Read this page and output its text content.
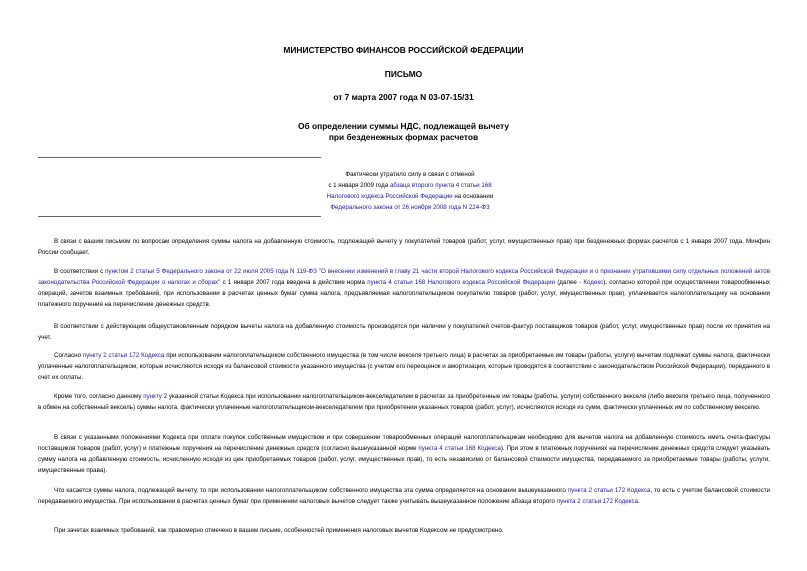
МИНИСТЕРСТВО ФИНАНСОВ РОССИЙСКОЙ ФЕДЕРАЦИИ
ПИСЬМО
от 7 марта 2007 года N 03-07-15/31
Об определении суммы НДС, подлежащей вычету
при безденежных формах расчетов
Фактически утратило силу в связи с отменой
с 1 января 2009 года абзаца второго пункта 4 статьи 168
Налогового кодекса Российской Федерации на основании
Федерального закона от 26 ноября 2008 года N 224-ФЗ

В связи с вашим письмом по вопросам определения суммы налога на добавленную стоимость, подлежащей вычету у покупателей товаров (работ, услуг, имущественных прав) при безденежных формах расчетов с 1 января 2007 года, Минфин России сообщает.

В соответствии с пунктом 2 статьи 5 Федерального закона от 22 июля 2005 года N 119-ФЗ "О внесении изменений в главу 21 части второй Налогового кодекса Российской Федерации и о признании утратившими силу отдельных положений актов законодательства Российской Федерации о налогах и сборах" с 1 января 2007 года введена в действие норма пункта 4 статьи 168 Налогового кодекса Российской Федерации (далее - Кодекс), согласно которой при осуществлении товарообменных операций, зачетов взаимных требований, при использовании в расчетах ценных бумаг сумма налога, предъявляемая налогоплательщиком покупателю товаров (работ, услуг, имущественных прав), уплачивается налогоплательщику на основании платежного поручения на перечисление денежных средств.

В соответствии с действующим общеустановленным порядком вычеты налога на добавленную стоимость производятся при наличии у покупателей счетов-фактур поставщиков товаров (работ, услуг, имущественных прав) после их принятия на учет.

Согласно пункту 2 статьи 172 Кодекса при использовании налогоплательщиком собственного имущества (в том числе векселя третьего лица) в расчетах за приобретаемые им товары (работы, услуги) вычетам подлежат суммы налога, фактически уплаченные налогоплательщиком, которые исчисляются исходя из балансовой стоимости указанного имущества (с учетом его переоценок и амортизации, которые проводятся в соответствии с законодательством Российской Федерации), переданного в счет их оплаты.

Кроме того, согласно данному пункту 2 указанной статьи Кодекса при использовании налогоплательщиком-векселедателем в расчетах за приобретенные им товары (работы, услуги) собственного векселя (либо векселя третьего лица, полученного в обмен на собственный вексель) суммы налога, фактически уплаченные налогоплательщиком-векселедателем при приобретении указанных товаров (работ, услуг), исчисляются исходя из сумм, фактически уплаченных им по собственному векселю.

В связи с указанными положениями Кодекса при оплате покупок собственным имуществом и при совершении товарообменных операций налогоплательщикам необходимо для вычетов налога на добавленную стоимость иметь счета-фактуры поставщиков товаров (работ, услуг) и платежные поручения на перечисление денежных средств (согласно вышеуказанной норме пункта 4 статьи 168 Кодекса). При этом в платежных поручениях на перечисление денежных средств следует указывать сумму налога на добавленную стоимость, исчисленную исходя из цен приобретаемых товаров (работ, услуг, имущественных прав), то есть независимо от балансовой стоимости имущества, передаваемого за приобретаемые товары (работы, услуги, имущественные права).

Что касается суммы налога, подлежащей вычету, то при использовании налогоплательщиком собственного имущества эта сумма определяется на основании вышеуказанного пункта 2 статьи 172 Кодекса, то есть с учетом балансовой стоимости передаваемого имущества. При использовании в расчетах ценных бумаг при применении налоговых вычетов следует также учитывать вышеуказанное положение абзаца второго пункта 2 статьи 172 Кодекса.

При зачетах взаимных требований, как правомерно отмечено в вашем письме, особенностей применения налоговых вычетов Кодексом не предусмотрено.
